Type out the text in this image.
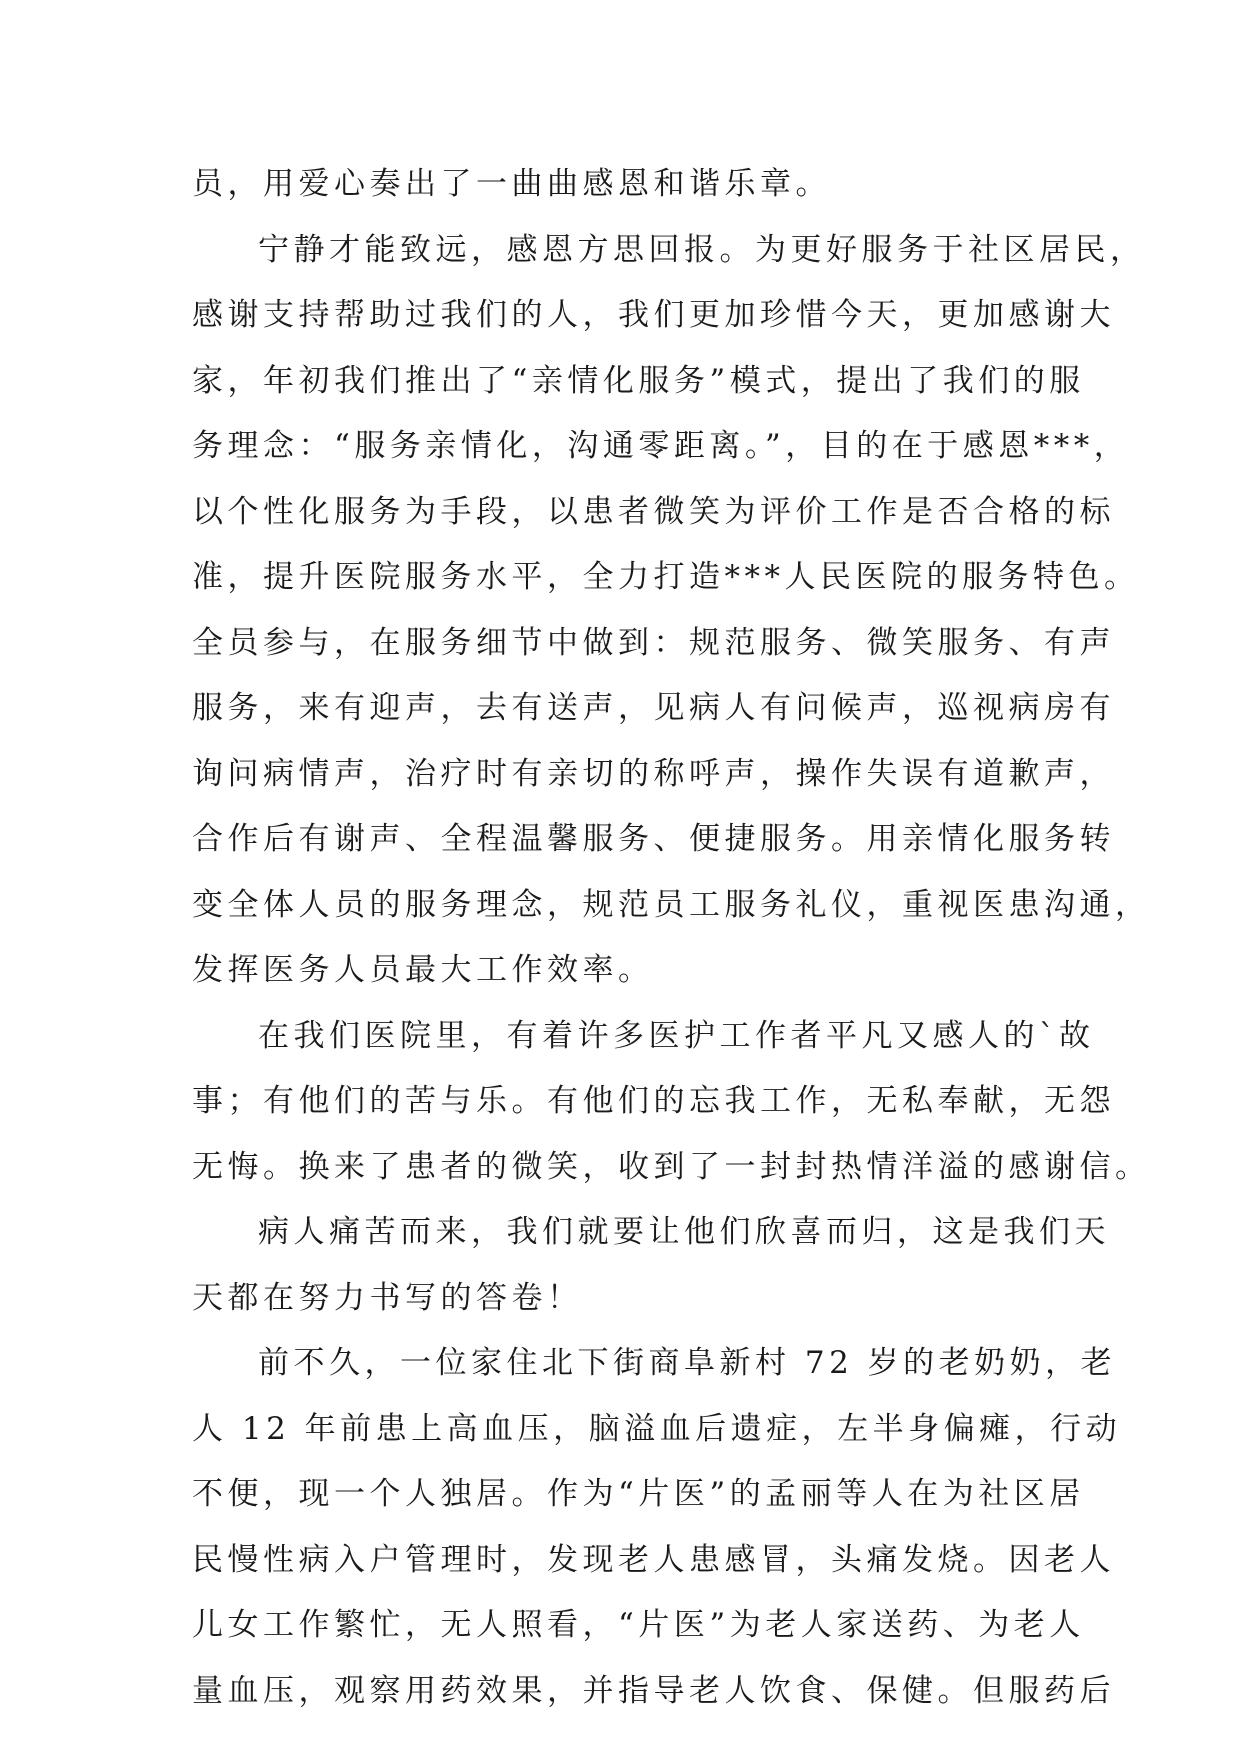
员，用爱心奏出了一曲曲感恩和谐乐章。
宁静才能致远，感恩方思回报。为更好服务于社区居民，
感谢支持帮助过我们的人，我们更加珍惜今天，更加感谢大
家，年初我们推出了“亲情化服务”模式，提出了我们的服
务理念：“服务亲情化，沟通零距离。”，目的在于感恩***，
以个性化服务为手段，以患者微笑为评价工作是否合格的标
准，提升医院服务水平，全力打造***人民医院的服务特色。
全员参与，在服务细节中做到：规范服务、微笑服务、有声
服务，来有迎声，去有送声，见病人有问候声，巡视病房有
询问病情声，治疗时有亲切的称呼声，操作失误有道歉声，
合作后有谢声、全程温馨服务、便捷服务。用亲情化服务转
变全体人员的服务理念，规范员工服务礼仪，重视医患沟通，
发挥医务人员最大工作效率。
在我们医院里，有着许多医护工作者平凡又感人的`故
事；有他们的苦与乐。有他们的忘我工作，无私奉献，无怨
无悔。换来了患者的微笑，收到了一封封热情洋溢的感谢信。
病人痛苦而来，我们就要让他们欣喜而归，这是我们天
天都在努力书写的答卷！
前不久，一位家住北下街商阜新村 72 岁的老奶奶，老
人 12 年前患上高血压，脑溢血后遗症，左半身偏瘫，行动
不便，现一个人独居。作为“片医”的孟丽等人在为社区居
民慢性病入户管理时，发现老人患感冒，头痛发烧。因老人
儿女工作繁忙，无人照看，“片医”为老人家送药、为老人
量血压，观察用药效果，并指导老人饮食、保健。但服药后
